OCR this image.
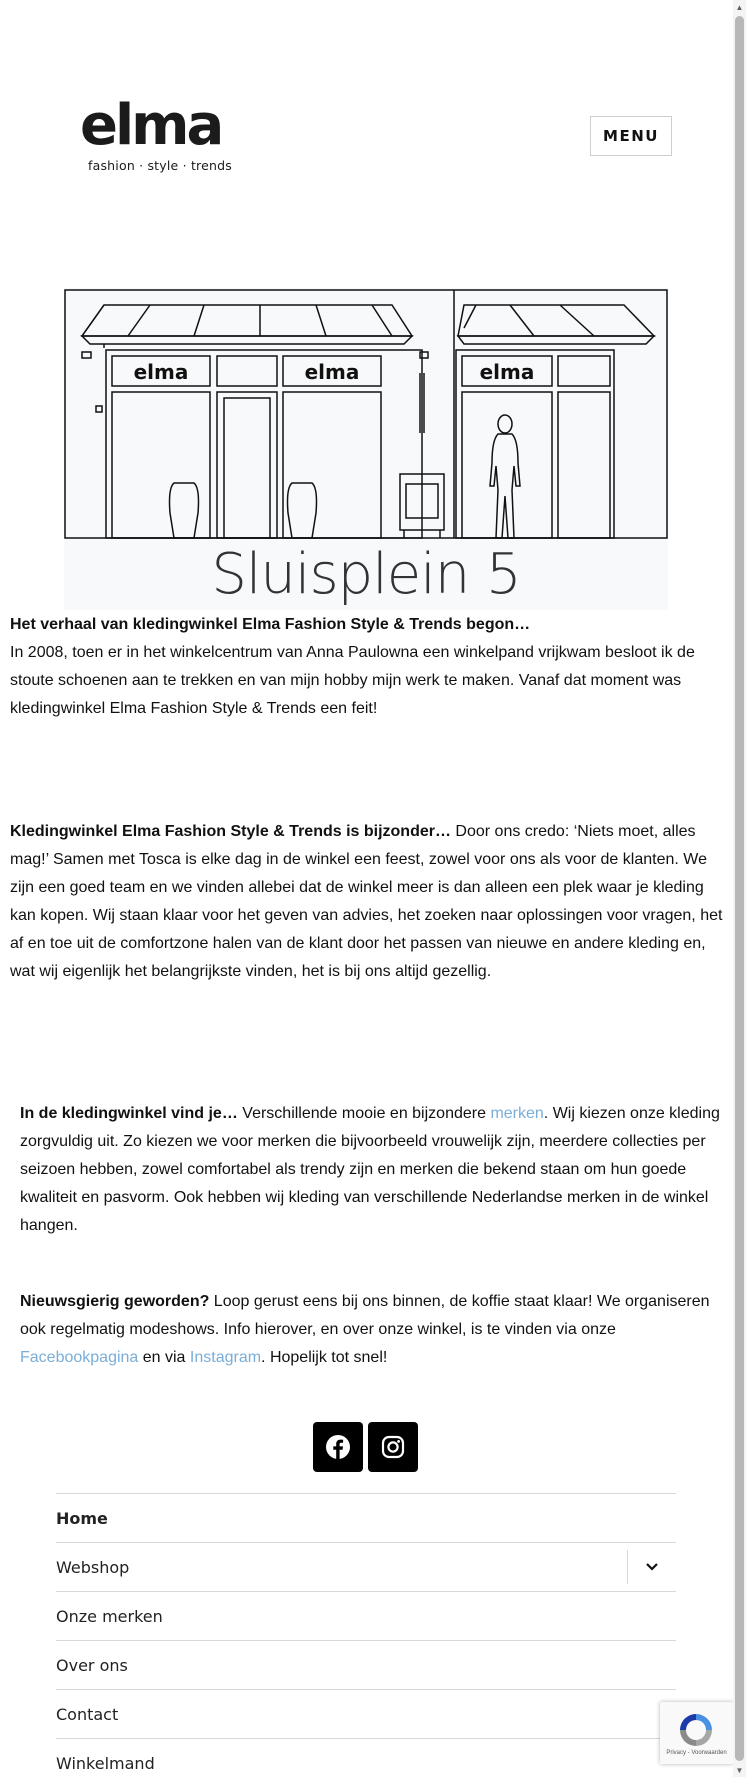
elma
fashion · style · trends
MENU
elma	elma	elma
Sluisplein 5

Het verhaal van kledingwinkel Elma Fashion Style & Trends begon…
In 2008, toen er in het winkelcentrum van Anna Paulowna een winkelpand vrijkwam besloot ik de stoute schoenen aan te trekken en van mijn hobby mijn werk te maken. Vanaf dat moment was kledingwinkel Elma Fashion Style & Trends een feit!

Kledingwinkel Elma Fashion Style & Trends is bijzonder… Door ons credo: ‘Niets moet, alles mag!’ Samen met Tosca is elke dag in de winkel een feest, zowel voor ons als voor de klanten. We zijn een goed team en we vinden allebei dat de winkel meer is dan alleen een plek waar je kleding kan kopen. Wij staan klaar voor het geven van advies, het zoeken naar oplossingen voor vragen, het af en toe uit de comfortzone halen van de klant door het passen van nieuwe en andere kleding en, wat wij eigenlijk het belangrijkste vinden, het is bij ons altijd gezellig.

In de kledingwinkel vind je… Verschillende mooie en bijzondere merken. Wij kiezen onze kleding zorgvuldig uit. Zo kiezen we voor merken die bijvoorbeeld vrouwelijk zijn, meerdere collecties per seizoen hebben, zowel comfortabel als trendy zijn en merken die bekend staan om hun goede kwaliteit en pasvorm. Ook hebben wij kleding van verschillende Nederlandse merken in de winkel hangen.

Nieuwsgierig geworden? Loop gerust eens bij ons binnen, de koffie staat klaar! We organiseren ook regelmatig modeshows. Info hierover, en over onze winkel, is te vinden via onze Facebookpagina en via Instagram. Hopelijk tot snel!

Home
Webshop
Onze merken
Over ons
Contact
Winkelmand
Privacy - Voorwaarden
▲
▼
